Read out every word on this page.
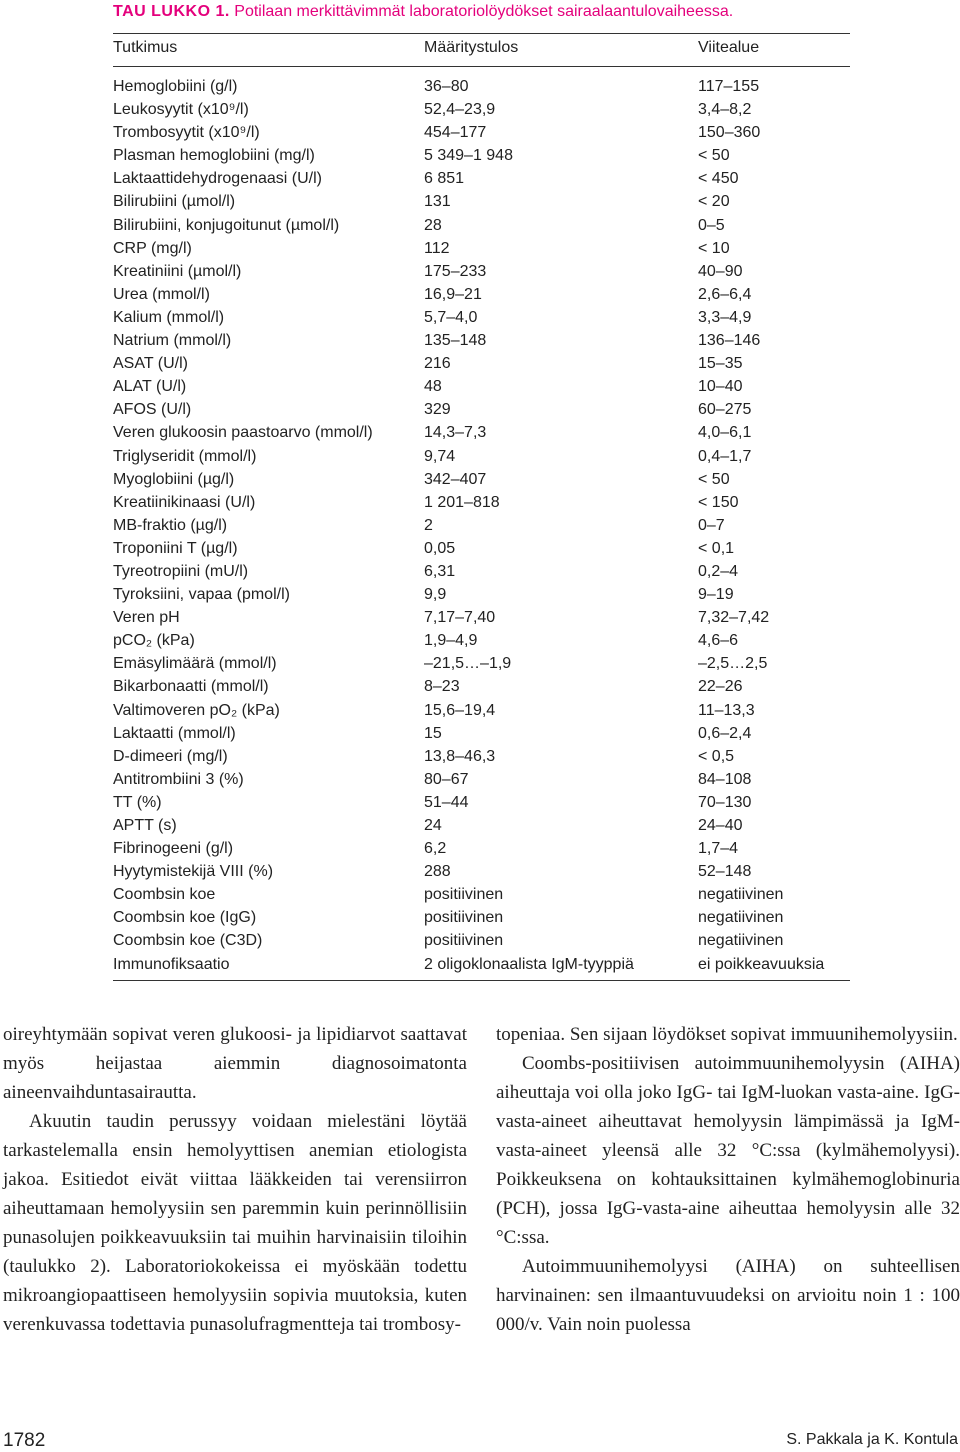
TAU LUKKO 1. Potilaan merkittävimmät laboratoriolöydökset sairaalaantulovaiheessa.
Tutkimus	Määritystulos	Viitealue
Hemoglobiini (g/l)	36–80	117–155
Leukosyytit (x10⁹/l)	52,4–23,9	3,4–8,2
Trombosyytit (x10⁹/l)	454–177	150–360
Plasman hemoglobiini (mg/l)	5 349–1 948	< 50
Laktaattidehydrogenaasi (U/l)	6 851	< 450
Bilirubiini (µmol/l)	131	< 20
Bilirubiini, konjugoitunut (µmol/l)	28	0–5
CRP (mg/l)	112	< 10
Kreatiniini (µmol/l)	175–233	40–90
Urea (mmol/l)	16,9–21	2,6–6,4
Kalium (mmol/l)	5,7–4,0	3,3–4,9
Natrium (mmol/l)	135–148	136–146
ASAT (U/l)	216	15–35
ALAT (U/l)	48	10–40
AFOS (U/l)	329	60–275
Veren glukoosin paastoarvo (mmol/l)	14,3–7,3	4,0–6,1
Triglyseridit (mmol/l)	9,74	0,4–1,7
Myoglobiini (µg/l)	342–407	< 50
Kreatiinikinaasi (U/l)	1 201–818	< 150
MB-fraktio (µg/l)	2	0–7
Troponiini T (µg/l)	0,05	< 0,1
Tyreotropiini (mU/l)	6,31	0,2–4
Tyroksiini, vapaa (pmol/l)	9,9	9–19
Veren pH	7,17–7,40	7,32–7,42
pCO₂ (kPa)	1,9–4,9	4,6–6
Emäsylimäärä (mmol/l)	–21,5…–1,9	–2,5…2,5
Bikarbonaatti (mmol/l)	8–23	22–26
Valtimoveren pO₂ (kPa)	15,6–19,4	11–13,3
Laktaatti (mmol/l)	15	0,6–2,4
D-dimeeri (mg/l)	13,8–46,3	< 0,5
Antitrombiini 3 (%)	80–67	84–108
TT (%)	51–44	70–130
APTT (s)	24	24–40
Fibrinogeeni (g/l)	6,2	1,7–4
Hyytymistekijä VIII (%)	288	52–148
Coombsin koe	positiivinen	negatiivinen
Coombsin koe (IgG)	positiivinen	negatiivinen
Coombsin koe (C3D)	positiivinen	negatiivinen
Immunofiksaatio	2 oligoklonaalista IgM-tyyppiä	ei poikkeavuuksia

oireyhtymään sopivat veren glukoosi- ja lipidiarvot saattavat myös heijastaa aiemmin diagnosoimatonta aineenvaihduntasairautta.

Akuutin taudin perussyy voidaan mielestäni löytää tarkastelemalla ensin hemolyyttisen anemian etiologista jakoa. Esitiedot eivät viittaa lääkkeiden tai verensiirron aiheuttamaan hemolyysiin sen paremmin kuin perinnöllisiin punasolujen poikkeavuuksiin tai muihin harvinaisiin tiloihin (taulukko 2). Laboratoriokokeissa ei myöskään todettu mikroangiopaattiseen hemolyysiin sopivia muutoksia, kuten verenkuvassa todettavia punasolufragmentteja tai trombosy-

topeniaa. Sen sijaan löydökset sopivat immuunihemolyysiin.

Coombs-positiivisen autoimmuunihemolyysin (AIHA) aiheuttaja voi olla joko IgG- tai IgM-luokan vasta-aine. IgG-vasta-aineet aiheuttavat hemolyysin lämpimässä ja IgM-vasta-aineet yleensä alle 32 °C:ssa (kylmähemolyysi). Poikkeuksena on kohtauksittainen kylmähemoglobinuria (PCH), jossa IgG-vasta-aine aiheuttaa hemolyysin alle 32 °C:ssa.

Autoimmuunihemolyysi (AIHA) on suhteellisen harvinainen: sen ilmaantuvuudeksi on arvioitu noin 1 : 100 000/v. Vain noin puolessa

1782	S. Pakkala ja K. Kontula
